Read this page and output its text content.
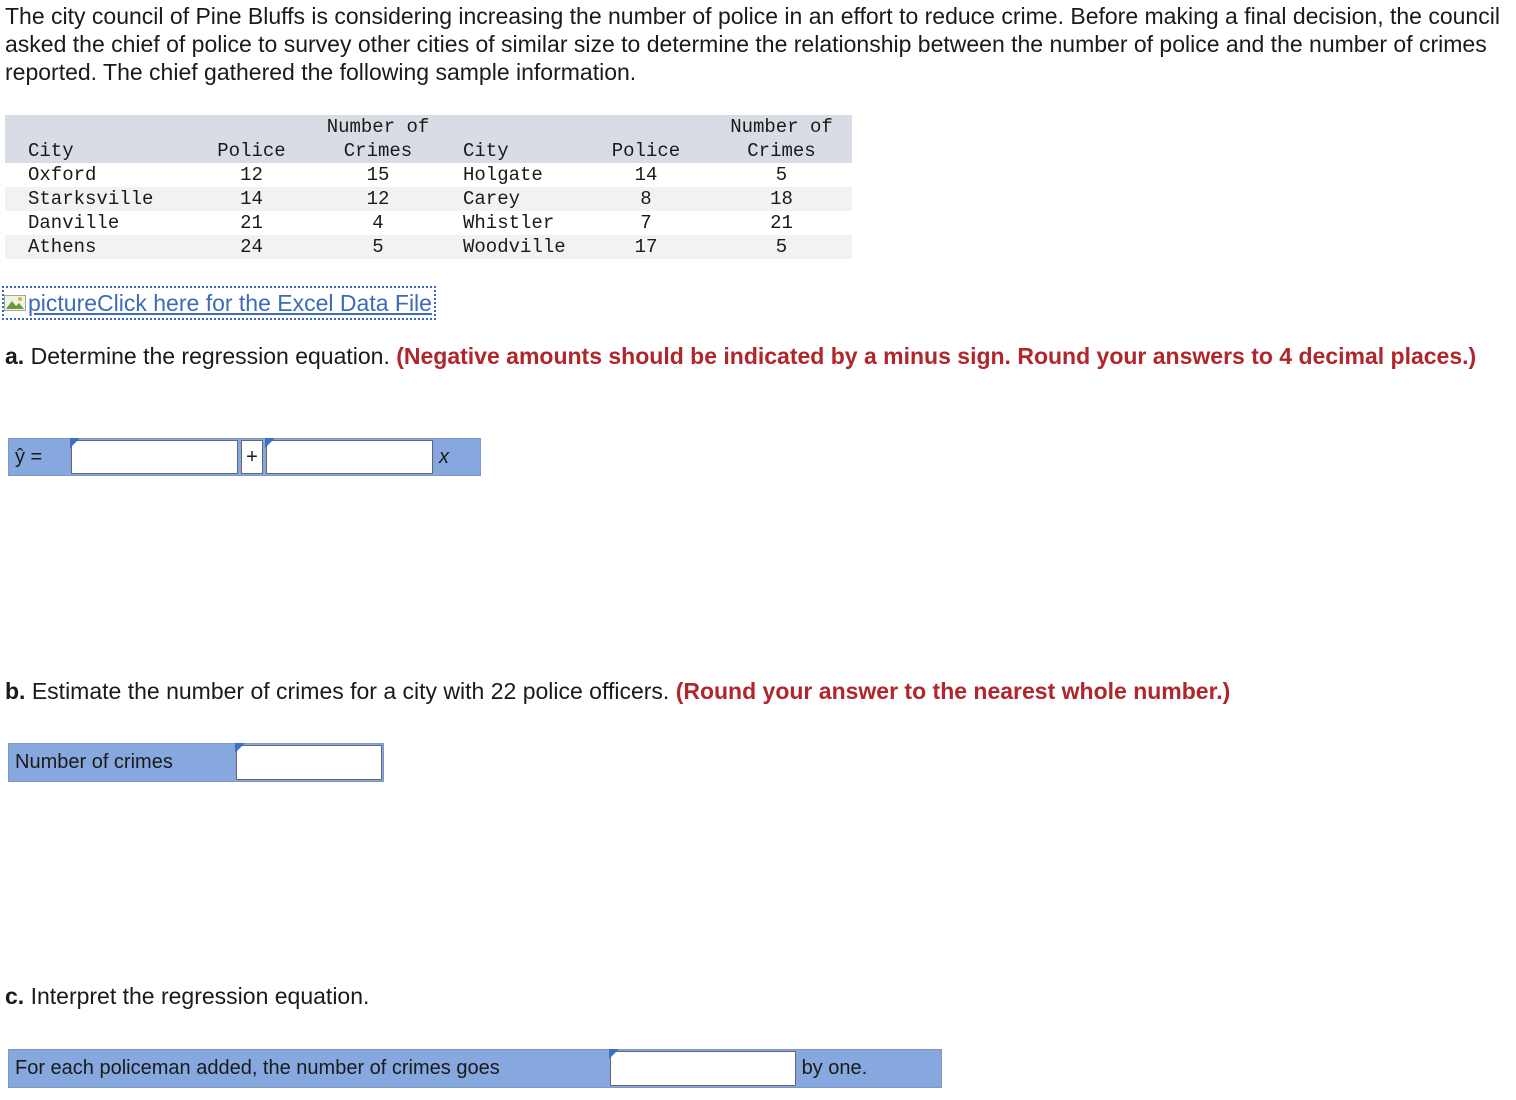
The city council of Pine Bluffs is considering increasing the number of police in an effort to reduce crime. Before making a final decision, the council asked the chief of police to survey other cities of similar size to determine the relationship between the number of police and the number of crimes reported. The chief gathered the following sample information.

		Number of			Number of
City	Police	Crimes	City	Police	Crimes
Oxford	12	15	Holgate	14	5
Starksville	14	12	Carey	8	18
Danville	21	4	Whistler	7	21
Athens	24	5	Woodville	17	5
picture Click here for the Excel Data File

a. Determine the regression equation. (Negative amounts should be indicated by a minus sign. Round your answers to 4 decimal places.)

ŷ =	+	x

b. Estimate the number of crimes for a city with 22 police officers. (Round your answer to the nearest whole number.)

Number of crimes

c. Interpret the regression equation.

For each policeman added, the number of crimes goes	by one.
